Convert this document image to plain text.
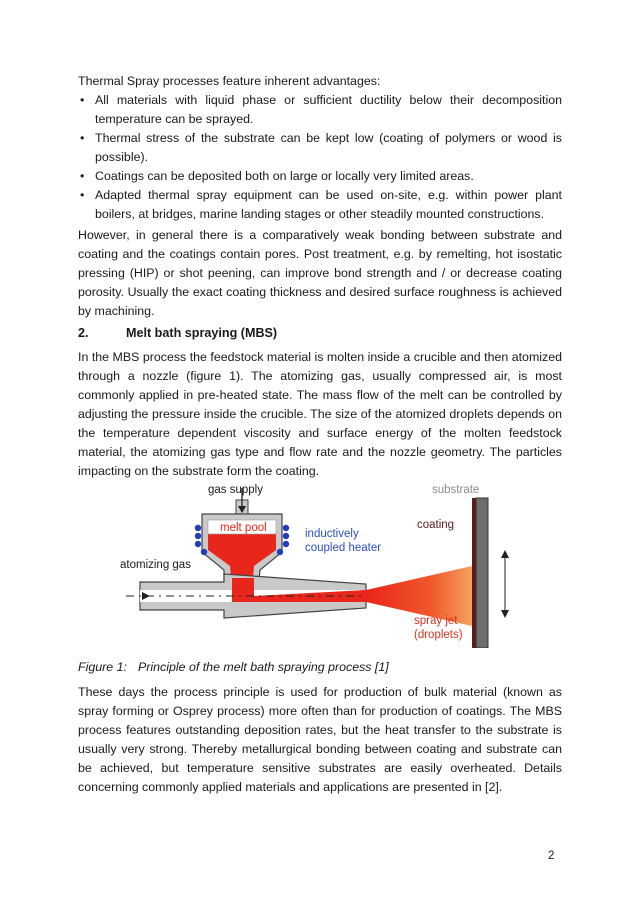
Thermal Spray processes feature inherent advantages:

• All materials with liquid phase or sufficient ductility below their decomposition temperature can be sprayed.
• Thermal stress of the substrate can be kept low (coating of polymers or wood is possible).
• Coatings can be deposited both on large or locally very limited areas.
• Adapted thermal spray equipment can be used on-site, e.g. within power plant boilers, at bridges, marine landing stages or other steadily mounted constructions.

However, in general there is a comparatively weak bonding between substrate and coating and the coatings contain pores. Post treatment, e.g. by remelting, hot isostatic pressing (HIP) or shot peening, can improve bond strength and / or decrease coating porosity. Usually the exact coating thickness and desired surface roughness is achieved by machining.

2.	Melt bath spraying (MBS)

In the MBS process the feedstock material is molten inside a crucible and then atomized through a nozzle (figure 1). The atomizing gas, usually compressed air, is most commonly applied in pre-heated state. The mass flow of the melt can be controlled by adjusting the pressure inside the crucible. The size of the atomized droplets depends on the temperature dependent viscosity and surface energy of the molten feedstock material, the atomizing gas type and flow rate and the nozzle geometry. The particles impacting on the substrate form the coating.

gas supply
melt pool	inductively
coupled heater
atomizing gas
substrate
coating
spray jet
(droplets)
Figure 1: Principle of the melt bath spraying process [1]

These days the process principle is used for production of bulk material (known as spray forming or Osprey process) more often than for production of coatings. The MBS process features outstanding deposition rates, but the heat transfer to the substrate is usually very strong. Thereby metallurgical bonding between coating and substrate can be achieved, but temperature sensitive substrates are easily overheated. Details concerning commonly applied materials and applications are presented in [2].

2
